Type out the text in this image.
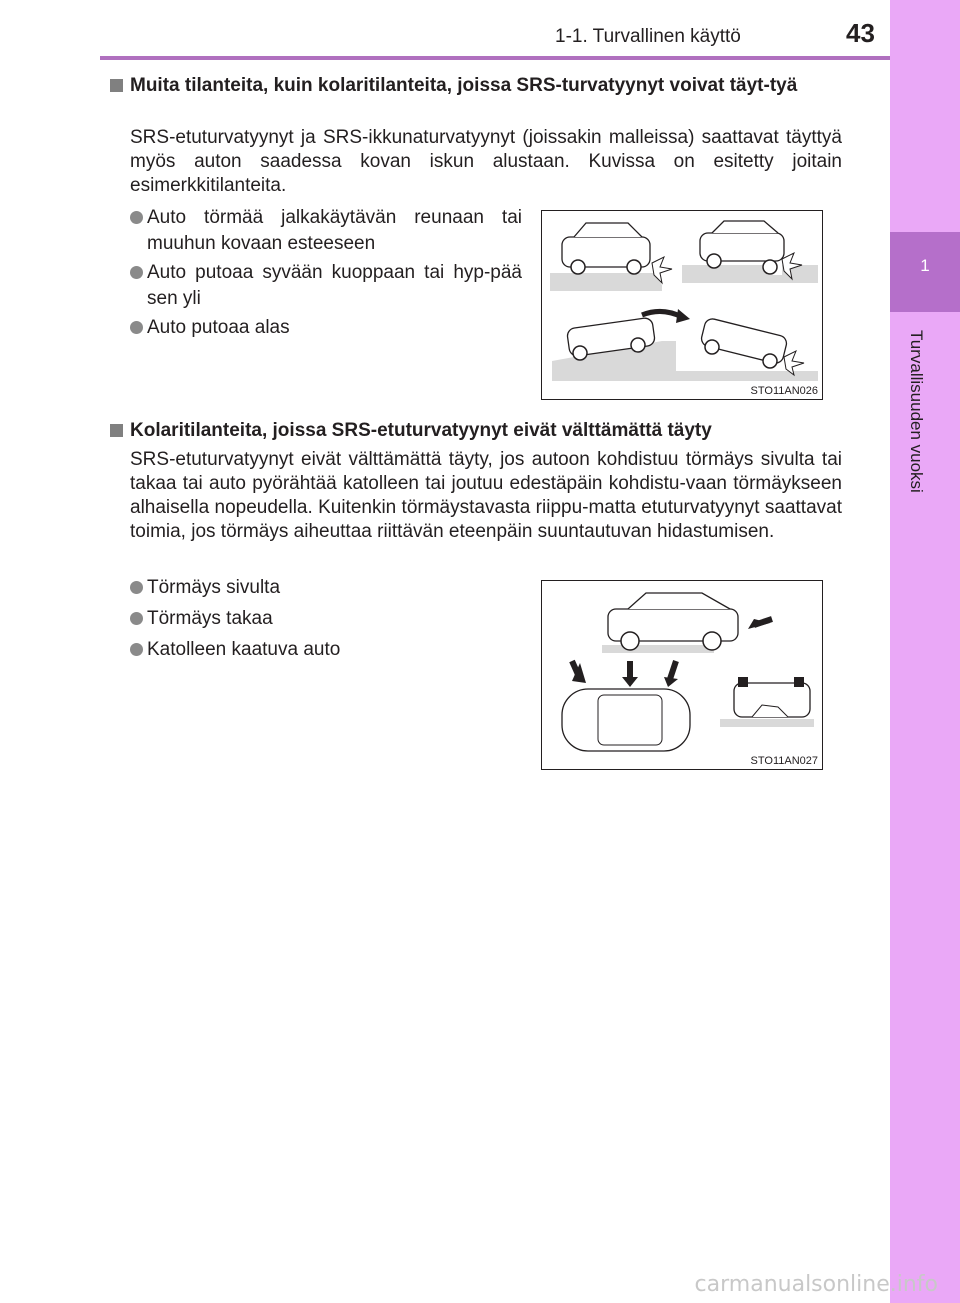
1-1. Turvallinen käyttö	43
1
Turvallisuuden vuoksi
Muita tilanteita, kuin kolaritilanteita, joissa SRS-turvatyynyt voivat täyt-tyä
SRS-etuturvatyynyt ja SRS-ikkunaturvatyynyt (joissakin malleissa) saattavat täyttyä myös auton saadessa kovan iskun alustaan. Kuvissa on esitetty joitain esimerkkitilanteita.
Auto törmää jalkakäytävän reunaan tai muuhun kovaan esteeseen
Auto putoaa syvään kuoppaan tai hyp-pää sen yli
Auto putoaa alas
STO11AN026
Kolaritilanteita, joissa SRS-etuturvatyynyt eivät välttämättä täyty
SRS-etuturvatyynyt eivät välttämättä täyty, jos autoon kohdistuu törmäys sivulta tai takaa tai auto pyörähtää katolleen tai joutuu edestäpäin kohdistu-vaan törmäykseen alhaisella nopeudella. Kuitenkin törmäystavasta riippu-matta etuturvatyynyt saattavat toimia, jos törmäys aiheuttaa riittävän eteenpäin suuntautuvan hidastumisen.
Törmäys sivulta
Törmäys takaa
Katolleen kaatuva auto
STO11AN027
carmanualsonline.info
